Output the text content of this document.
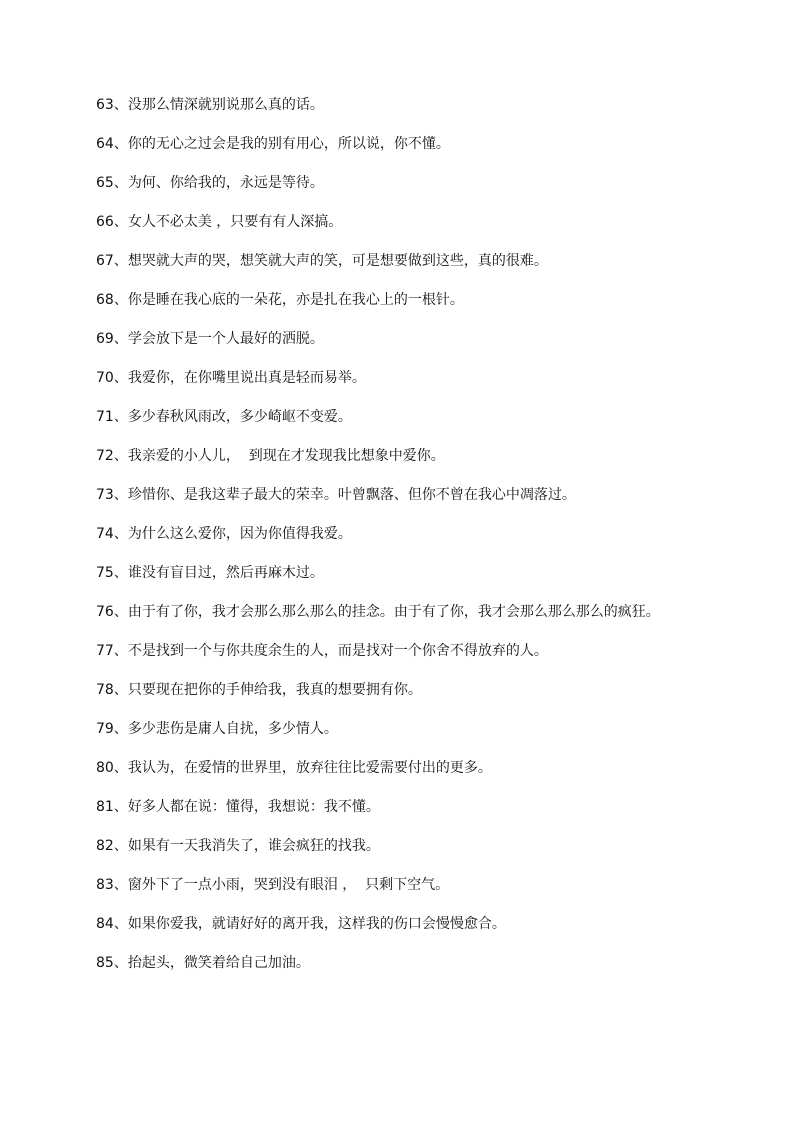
63、没那么情深就别说那么真的话。
64、你的无心之过会是我的别有用心，所以说，你不懂。
65、为何、你给我的，永远是等待。
66、女人不必太美 ，只要有有人深搞。
67、想哭就大声的哭，想笑就大声的笑，可是想要做到这些，真的很难。
68、你是睡在我心底的一朵花，亦是扎在我心上的一根针。
69、学会放下是一个人最好的洒脱。
70、我爱你，在你嘴里说出真是轻而易举。
71、多少春秋风雨改，多少崎岖不变爱。
72、我亲爱的小人儿，  到现在才发现我比想象中爱你。
73、珍惜你、是我这辈子最大的荣幸。叶曾飘落、但你不曾在我心中凋落过。
74、为什么这么爱你，因为你值得我爱。
75、谁没有盲目过，然后再麻木过。
76、由于有了你，我才会那么那么那么的挂念。由于有了你，我才会那么那么那么的疯狂。
77、不是找到一个与你共度余生的人，而是找对一个你舍不得放弃的人。
78、只要现在把你的手伸给我，我真的想要拥有你。
79、多少悲伤是庸人自扰，多少情人。
80、我认为，在爱情的世界里，放弃往往比爱需要付出的更多。
81、好多人都在说：懂得，我想说：我不懂。
82、如果有一天我消失了，谁会疯狂的找我。
83、窗外下了一点小雨，哭到没有眼泪 ，  只剩下空气。
84、如果你爱我，就请好好的离开我，这样我的伤口会慢慢愈合。
85、抬起头，微笑着给自己加油。
